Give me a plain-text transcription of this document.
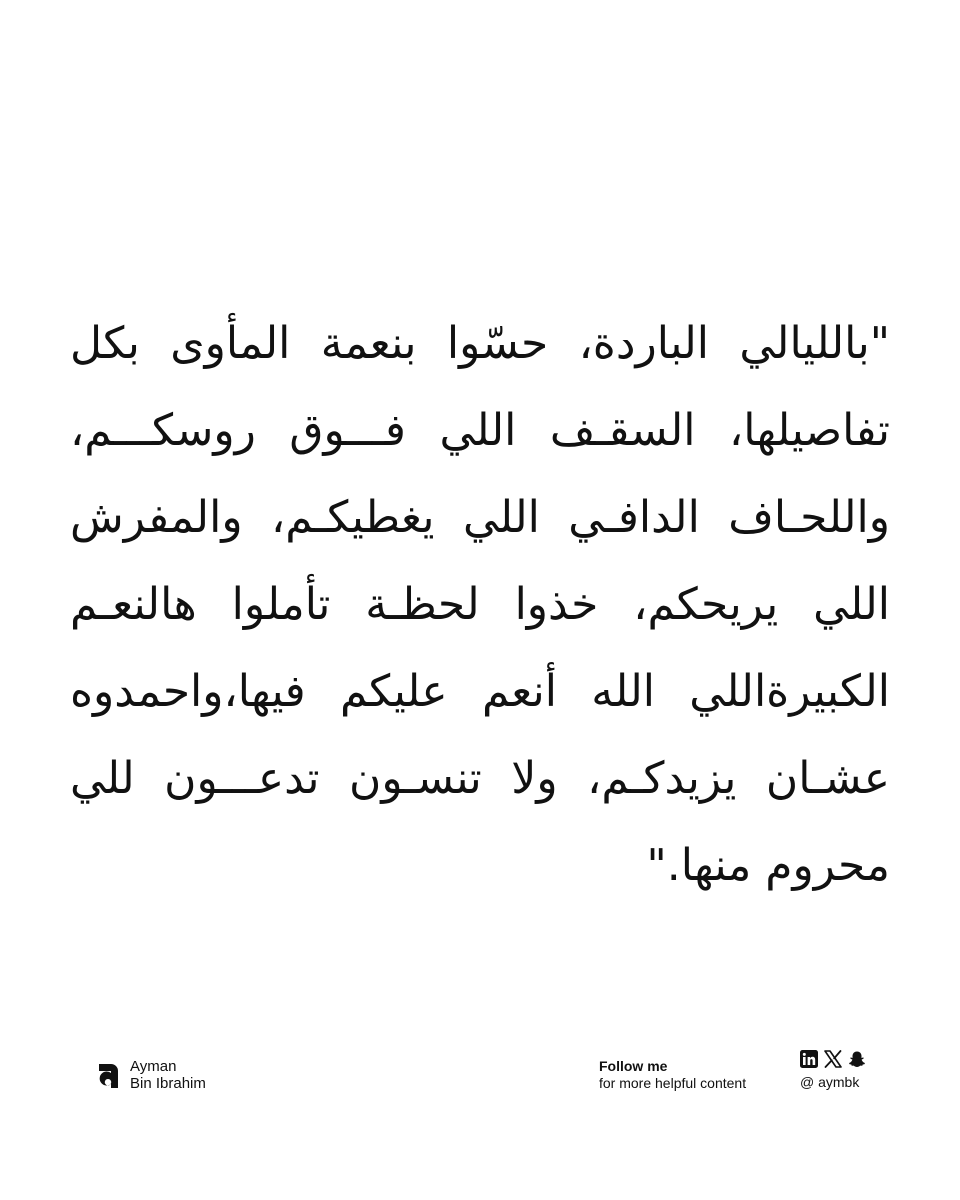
"بالليالي الباردة، حسّوا بنعمة المأوى بكل
تفاصيلها، السقـف اللي فـــوق روسكـــم،
واللحـاف الدافـي اللي يغطيكـم، والمفرش
اللي يريحكم، خذوا لحظـة تأملوا هالنعـم
الكبيرةاللي الله أنعم عليكم فيها،واحمدوه
عشـان يزيدكـم، ولا تنسـون تدعـــون للي
محروم منها."
Ayman
Bin Ibrahim
Follow me
for more helpful content	@ aymbk
